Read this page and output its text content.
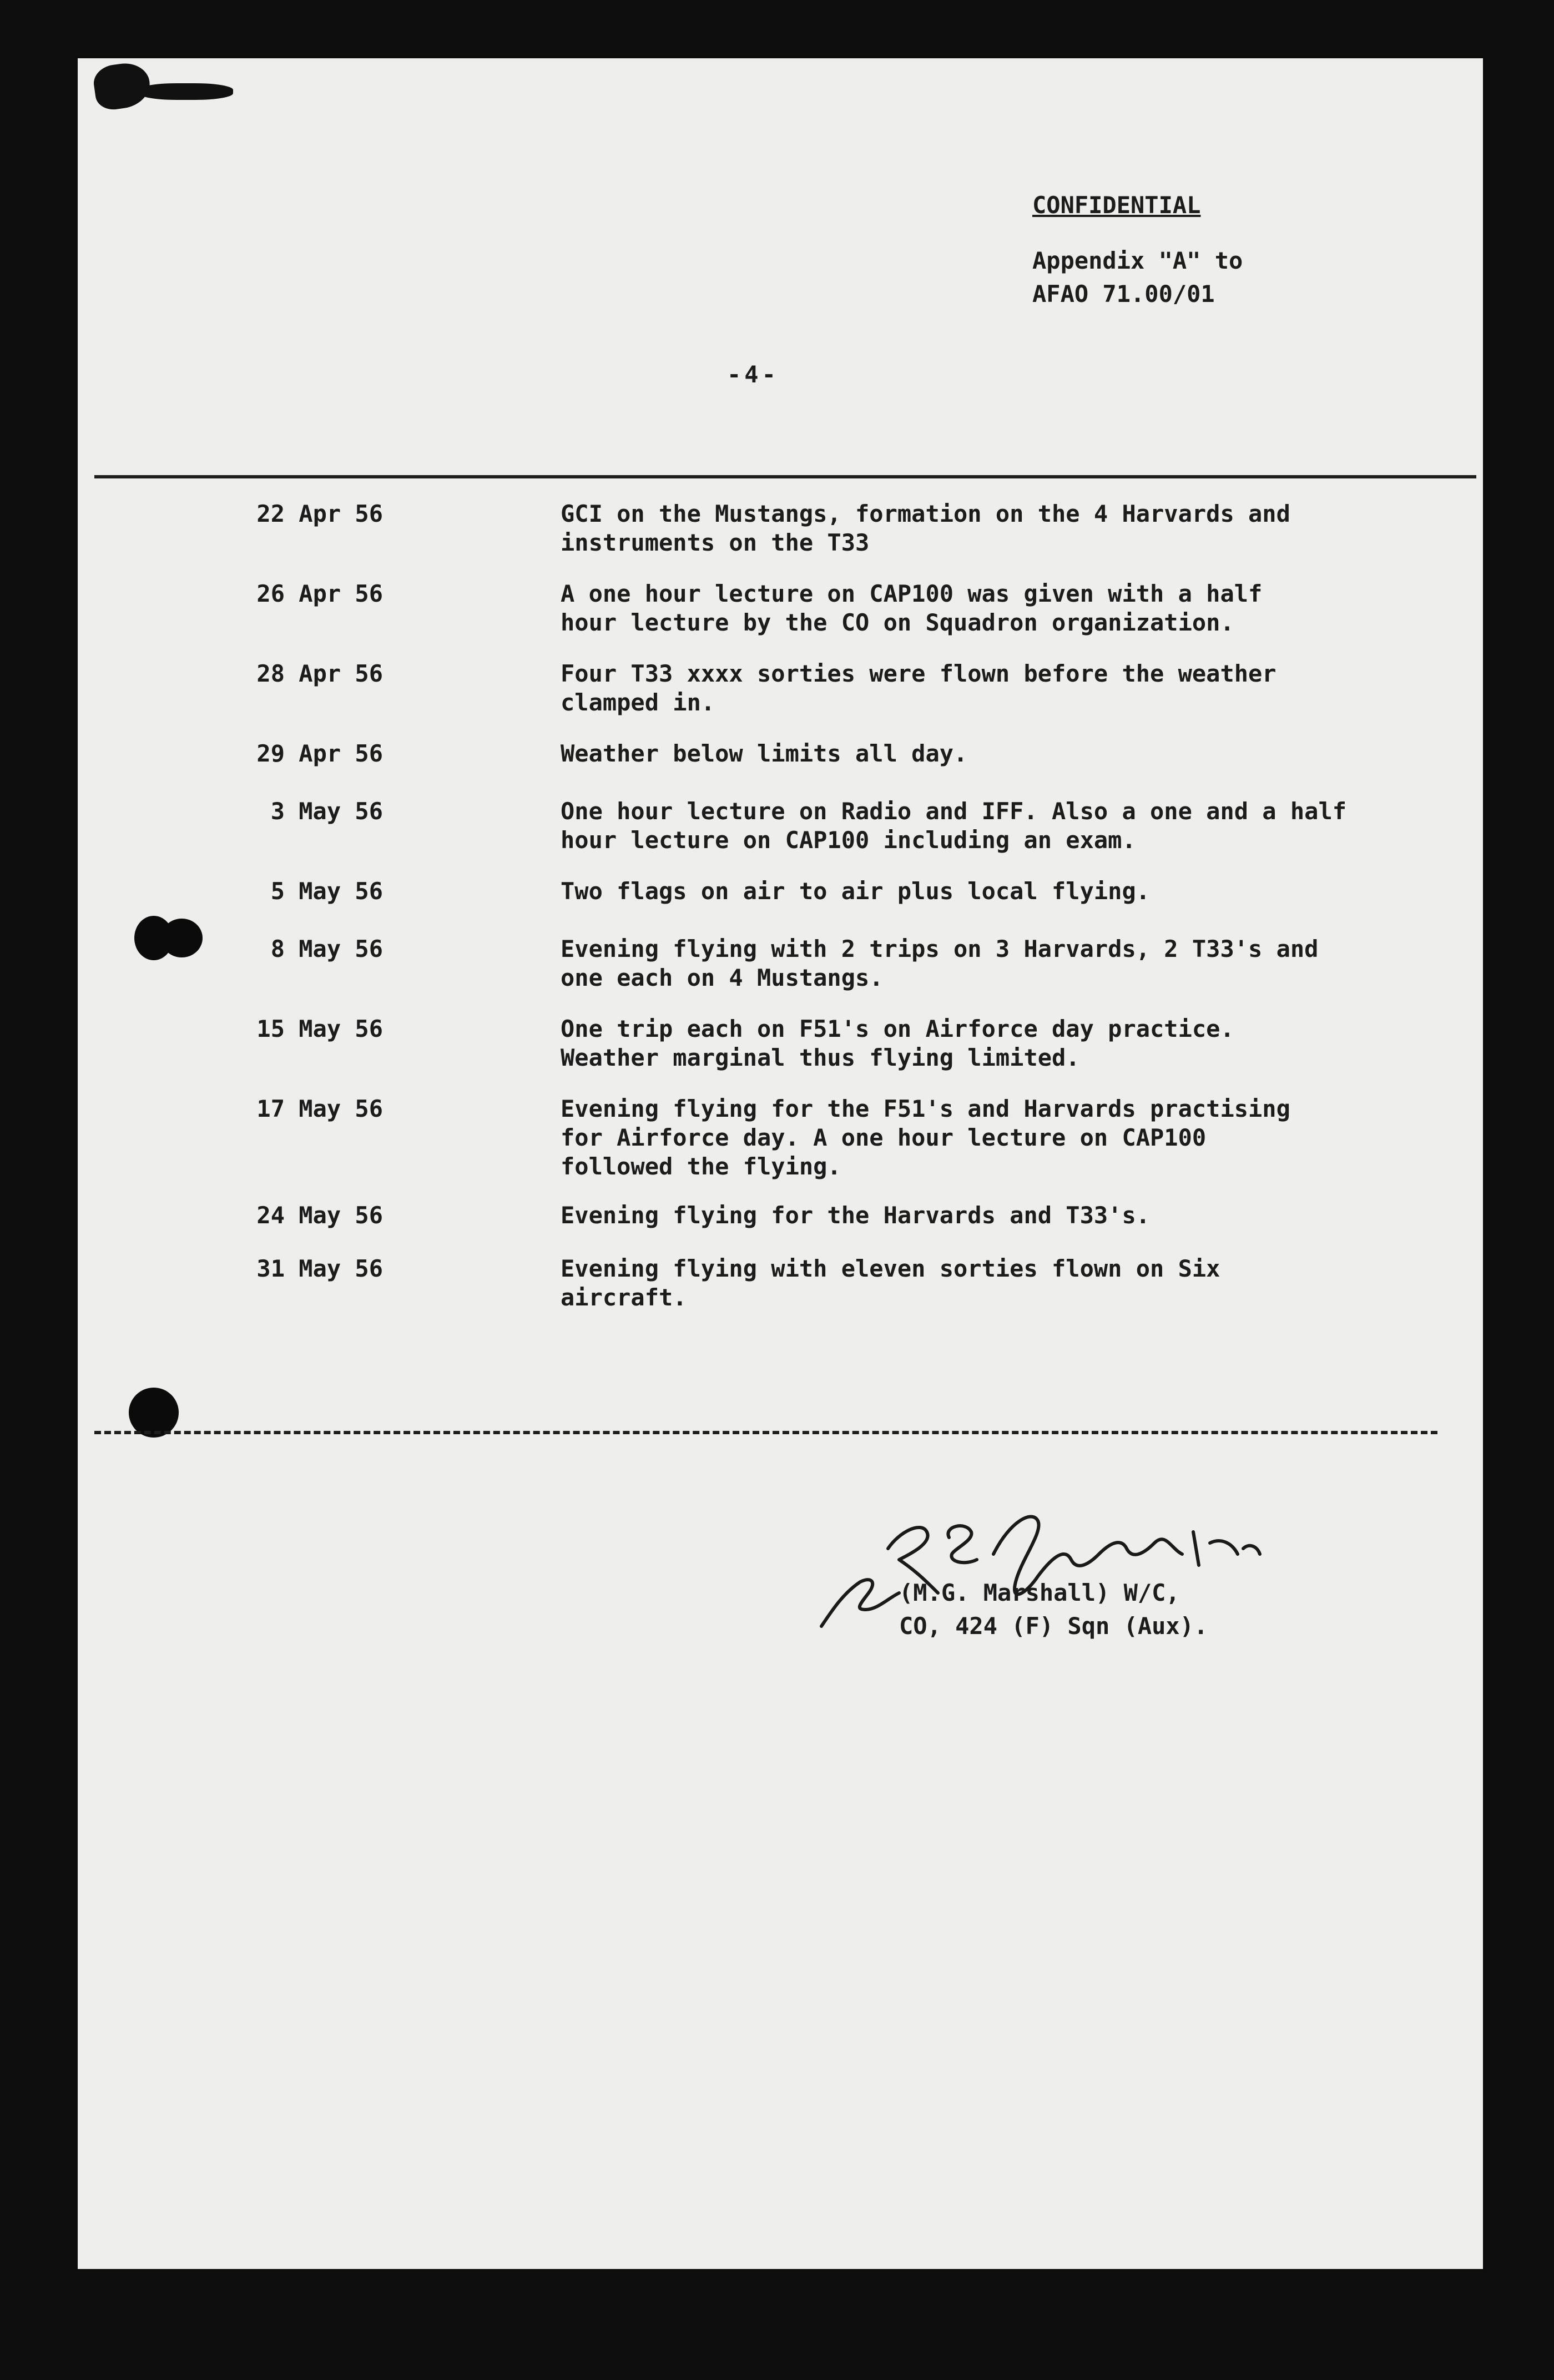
CONFIDENTIAL
Appendix "A" to
AFAO 71.00/01
-4-
22 Apr 56	GCI on the Mustangs, formation on the 4 Harvards and
instruments on the T33
26 Apr 56	A one hour lecture on CAP100 was given with a half
hour lecture by the CO on Squadron organization.
28 Apr 56	Four T33 xxxx sorties were flown before the weather
clamped in.
29 Apr 56	Weather below limits all day.
3 May 56	One hour lecture on Radio and IFF. Also a one and a half
hour lecture on CAP100 including an exam.
5 May 56	Two flags on air to air plus local flying.
8 May 56	Evening flying with 2 trips on 3 Harvards, 2 T33's and
one each on 4 Mustangs.
15 May 56	One trip each on F51's on Airforce day practice.
Weather marginal thus flying limited.
17 May 56	Evening flying for the F51's and Harvards practising
for Airforce day. A one hour lecture on CAP100
followed the flying.
24 May 56	Evening flying for the Harvards and T33's.
31 May 56	Evening flying with eleven sorties flown on Six
aircraft.
(M.G. Marshall) W/C,
CO, 424 (F) Sqn (Aux).
